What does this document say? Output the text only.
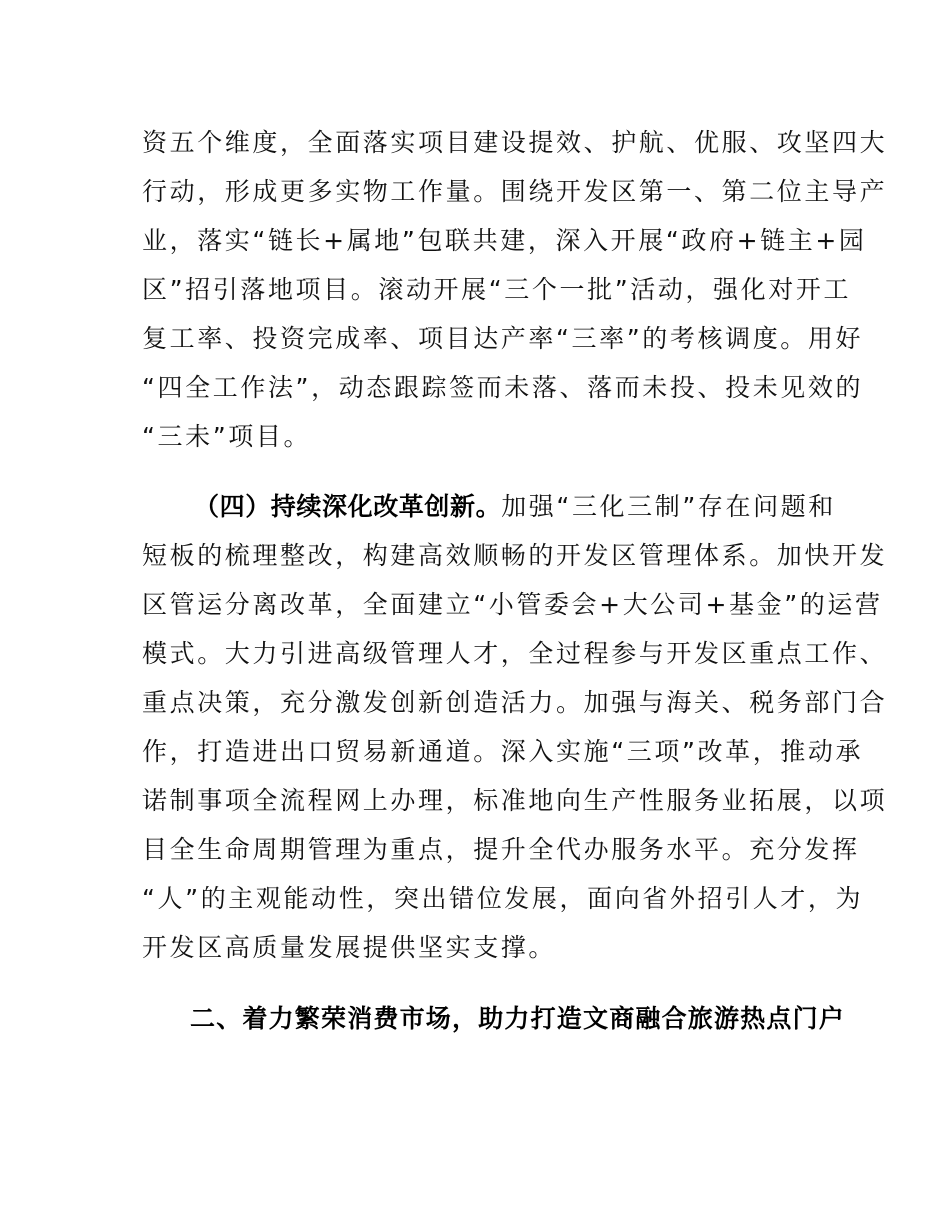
资五个维度，全面落实项目建设提效、护航、优服、攻坚四大
行动，形成更多实物工作量。围绕开发区第一、第二位主导产
业，落实“链长+属地”包联共建，深入开展“政府+链主+园
区”招引落地项目。滚动开展“三个一批”活动，强化对开工
复工率、投资完成率、项目达产率“三率”的考核调度。用好
“四全工作法”，动态跟踪签而未落、落而未投、投未见效的
“三未”项目。
（四）持续深化改革创新。加强“三化三制”存在问题和
短板的梳理整改，构建高效顺畅的开发区管理体系。加快开发
区管运分离改革，全面建立“小管委会+大公司+基金”的运营
模式。大力引进高级管理人才，全过程参与开发区重点工作、
重点决策，充分激发创新创造活力。加强与海关、税务部门合
作，打造进出口贸易新通道。深入实施“三项”改革，推动承
诺制事项全流程网上办理，标准地向生产性服务业拓展，以项
目全生命周期管理为重点，提升全代办服务水平。充分发挥
“人”的主观能动性，突出错位发展，面向省外招引人才，为
开发区高质量发展提供坚实支撑。
二、着力繁荣消费市场，助力打造文商融合旅游热点门户
